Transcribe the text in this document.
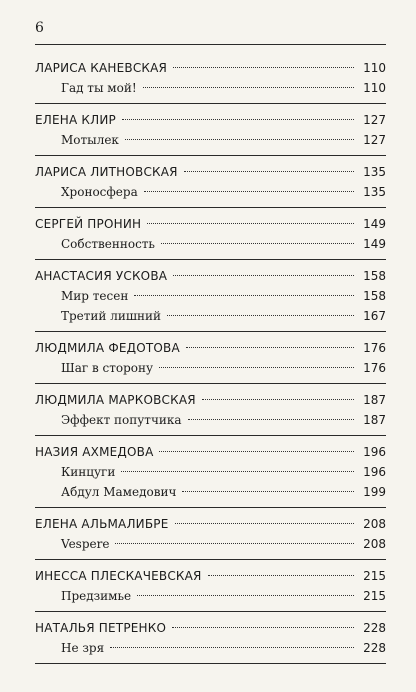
6
ЛАРИСА КАНЕВСКАЯ	110
Гад ты мой!	110
ЕЛЕНА КЛИР	127
Мотылек	127
ЛАРИСА ЛИТНОВСКАЯ	135
Хроносфера	135
СЕРГЕЙ ПРОНИН	149
Собственность	149
АНАСТАСИЯ УСКОВА	158
Мир тесен	158
Третий лишний	167
ЛЮДМИЛА ФЕДОТОВА	176
Шаг в сторону	176
ЛЮДМИЛА МАРКОВСКАЯ	187
Эффект попутчика	187
НАЗИЯ АХМЕДОВА	196
Кинцуги	196
Абдул Мамедович	199
ЕЛЕНА АЛЬМАЛИБРЕ	208
Vespere	208
ИНЕССА ПЛЕСКАЧЕВСКАЯ	215
Предзимье	215
НАТАЛЬЯ ПЕТРЕНКО	228
Не зря	228
